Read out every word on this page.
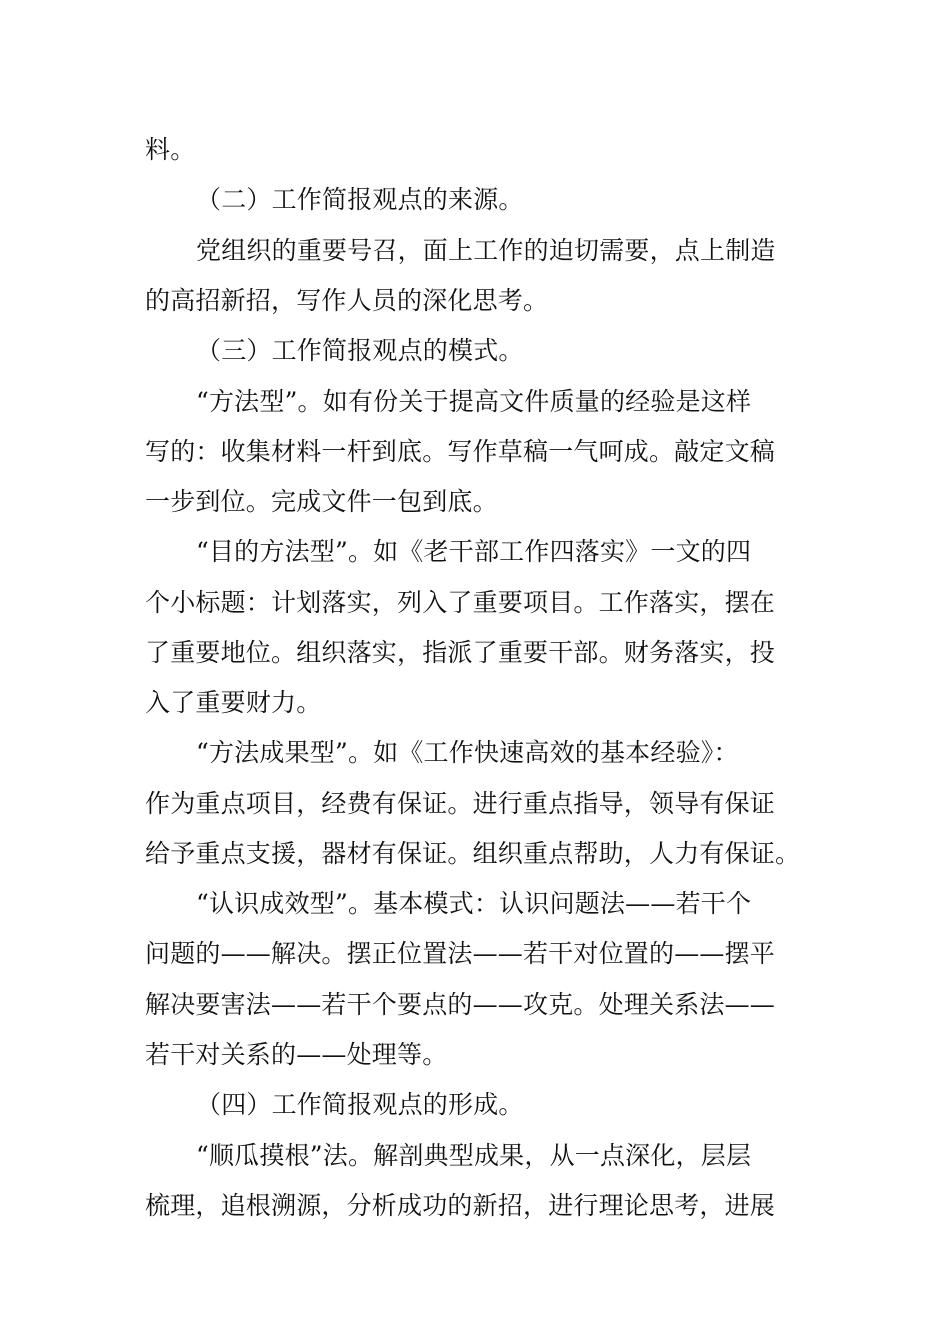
料。
（二）工作简报观点的来源。
党组织的重要号召，面上工作的迫切需要，点上制造
的高招新招，写作人员的深化思考。
（三）工作简报观点的模式。
“方法型”。如有份关于提高文件质量的经验是这样
写的：收集材料一杆到底。写作草稿一气呵成。敲定文稿
一步到位。完成文件一包到底。
“目的方法型”。如《老干部工作四落实》一文的四
个小标题：计划落实，列入了重要项目。工作落实，摆在
了重要地位。组织落实，指派了重要干部。财务落实，投
入了重要财力。
“方法成果型”。如《工作快速高效的基本经验》：
作为重点项目，经费有保证。进行重点指导，领导有保证
给予重点支援，器材有保证。组织重点帮助，人力有保证。
“认识成效型”。基本模式：认识问题法——若干个
问题的——解决。摆正位置法——若干对位置的——摆平
解决要害法——若干个要点的——攻克。处理关系法——
若干对关系的——处理等。
（四）工作简报观点的形成。
“顺瓜摸根”法。解剖典型成果，从一点深化，层层
梳理，追根溯源，分析成功的新招，进行理论思考，进展
